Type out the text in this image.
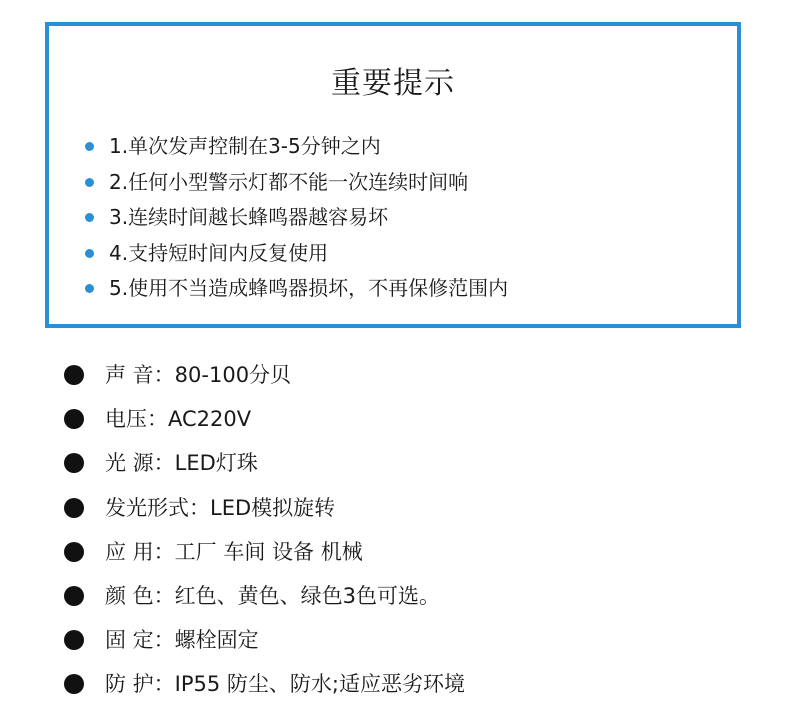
重要提示
1.单次发声控制在3-5分钟之内
2.任何小型警示灯都不能一次连续时间响
3.连续时间越长蜂鸣器越容易坏
4.支持短时间内反复使用
5.使用不当造成蜂鸣器损坏，不再保修范围内
声 音：80-100分贝
电压：AC220V
光 源：LED灯珠
发光形式：LED模拟旋转
应 用：工厂 车间 设备 机械
颜 色：红色、黄色、绿色3色可选。
固 定：螺栓固定
防 护：IP55 防尘、防水;适应恶劣环境
